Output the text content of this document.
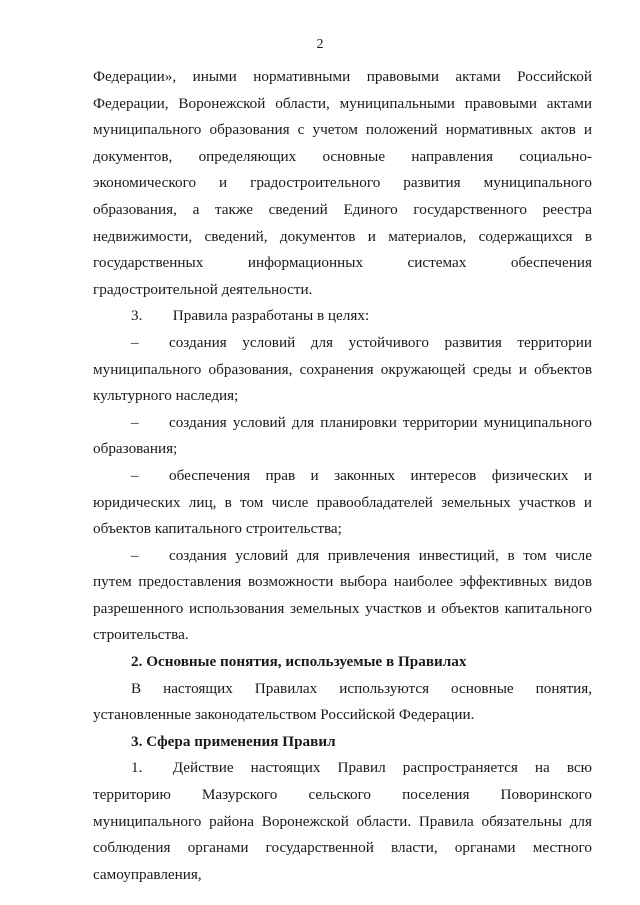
2

Федерации», иными нормативными правовыми актами Российской Федерации, Воронежской области, муниципальными правовыми актами муниципального образования с учетом положений нормативных актов и документов, определяющих основные направления социально-экономического и градостроительного развития муниципального образования, а также сведений Единого государственного реестра недвижимости, сведений, документов и материалов, содержащихся в государственных информационных системах обеспечения градостроительной деятельности.

3.  Правила разработаны в целях:

–  создания условий для устойчивого развития территории муниципального образования, сохранения окружающей среды и объектов культурного наследия;

–  создания условий для планировки территории муниципального образования;

–  обеспечения прав и законных интересов физических и юридических лиц, в том числе правообладателей земельных участков и объектов капитального строительства;

–  создания условий для привлечения инвестиций, в том числе путем предоставления возможности выбора наиболее эффективных видов разрешенного использования земельных участков и объектов капитального строительства.

2. Основные понятия, используемые в Правилах

В настоящих Правилах используются основные понятия, установленные законодательством Российской Федерации.

3. Сфера применения Правил

1.  Действие настоящих Правил распространяется на всю территорию Мазурского сельского поселения Поворинского муниципального района Воронежской области. Правила обязательны для соблюдения органами государственной власти, органами местного самоуправления,
